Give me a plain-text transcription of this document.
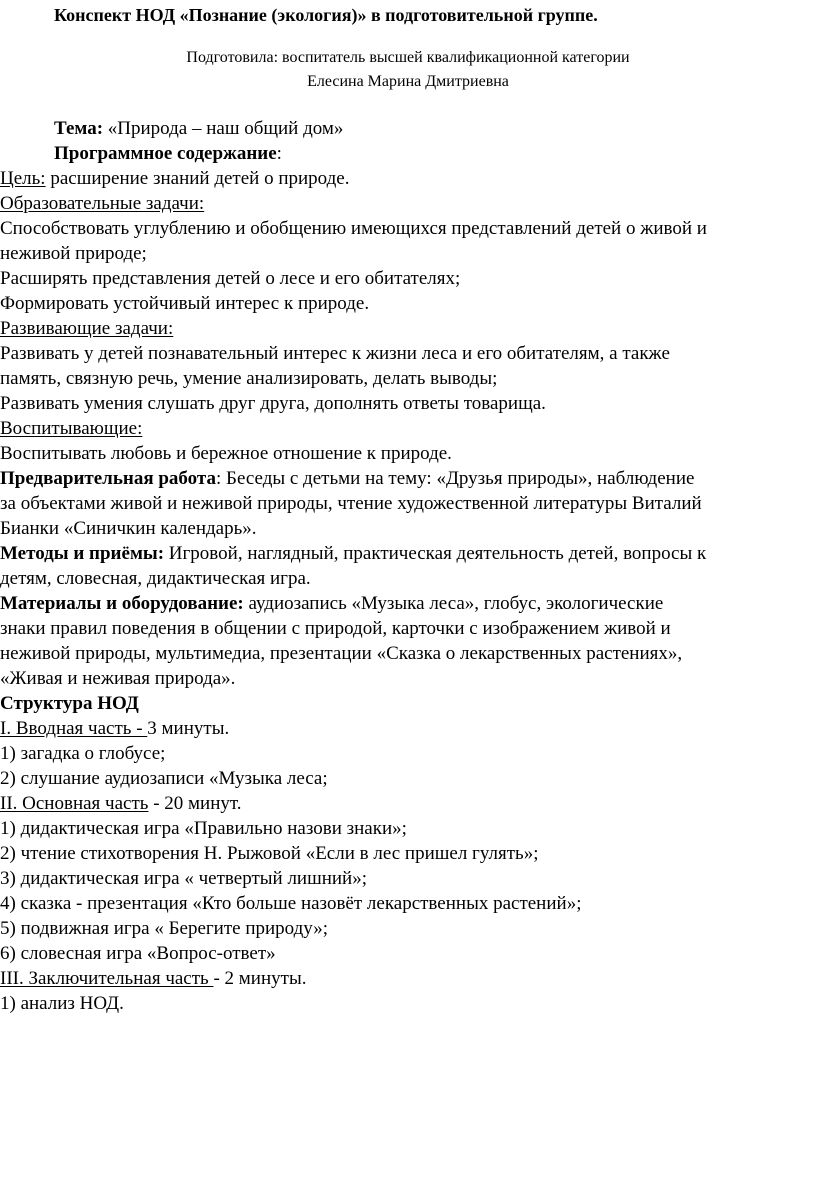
Конспект НОД «Познание (экология)» в подготовительной группе.
Подготовила: воспитатель высшей квалификационной категории
Елесина Марина Дмитриевна
Тема: «Природа – наш общий дом»
Программное содержание:
Цель: расширение знаний детей о природе.
Образовательные задачи:
Способствовать углублению и обобщению имеющихся представлений детей о живой и
неживой природе;
Расширять представления детей о лесе и его обитателях;
Формировать устойчивый интерес к природе.
Развивающие задачи:
Развивать у детей познавательный интерес к жизни леса и его обитателям, а также
память, связную речь, умение анализировать, делать выводы;
Развивать умения слушать друг друга, дополнять ответы товарища.
Воспитывающие:
Воспитывать любовь и бережное отношение к природе.
Предварительная работа: Беседы с детьми на тему: «Друзья природы», наблюдение
за объектами живой и неживой природы, чтение художественной литературы Виталий
Бианки «Синичкин календарь».
Методы и приёмы: Игровой, наглядный, практическая деятельность детей, вопросы к
детям, словесная, дидактическая игра.
Материалы и оборудование: аудиозапись «Музыка леса», глобус, экологические
знаки правил поведения в общении с природой, карточки с изображением живой и
неживой природы, мультимедиа, презентации «Сказка о лекарственных растениях»,
«Живая и неживая природа».
Структура НОД
I. Вводная часть - 3 минуты.
1) загадка о глобусе;
2) слушание аудиозаписи «Музыка леса;
II. Основная часть - 20 минут.
1) дидактическая игра «Правильно назови знаки»;
2) чтение стихотворения Н. Рыжовой «Если в лес пришел гулять»;
3) дидактическая игра « четвертый лишний»;
4) сказка - презентация «Кто больше назовёт лекарственных растений»;
5) подвижная игра « Берегите природу»;
6) словесная игра «Вопрос-ответ»
III. Заключительная часть - 2 минуты.
1) анализ НОД.
